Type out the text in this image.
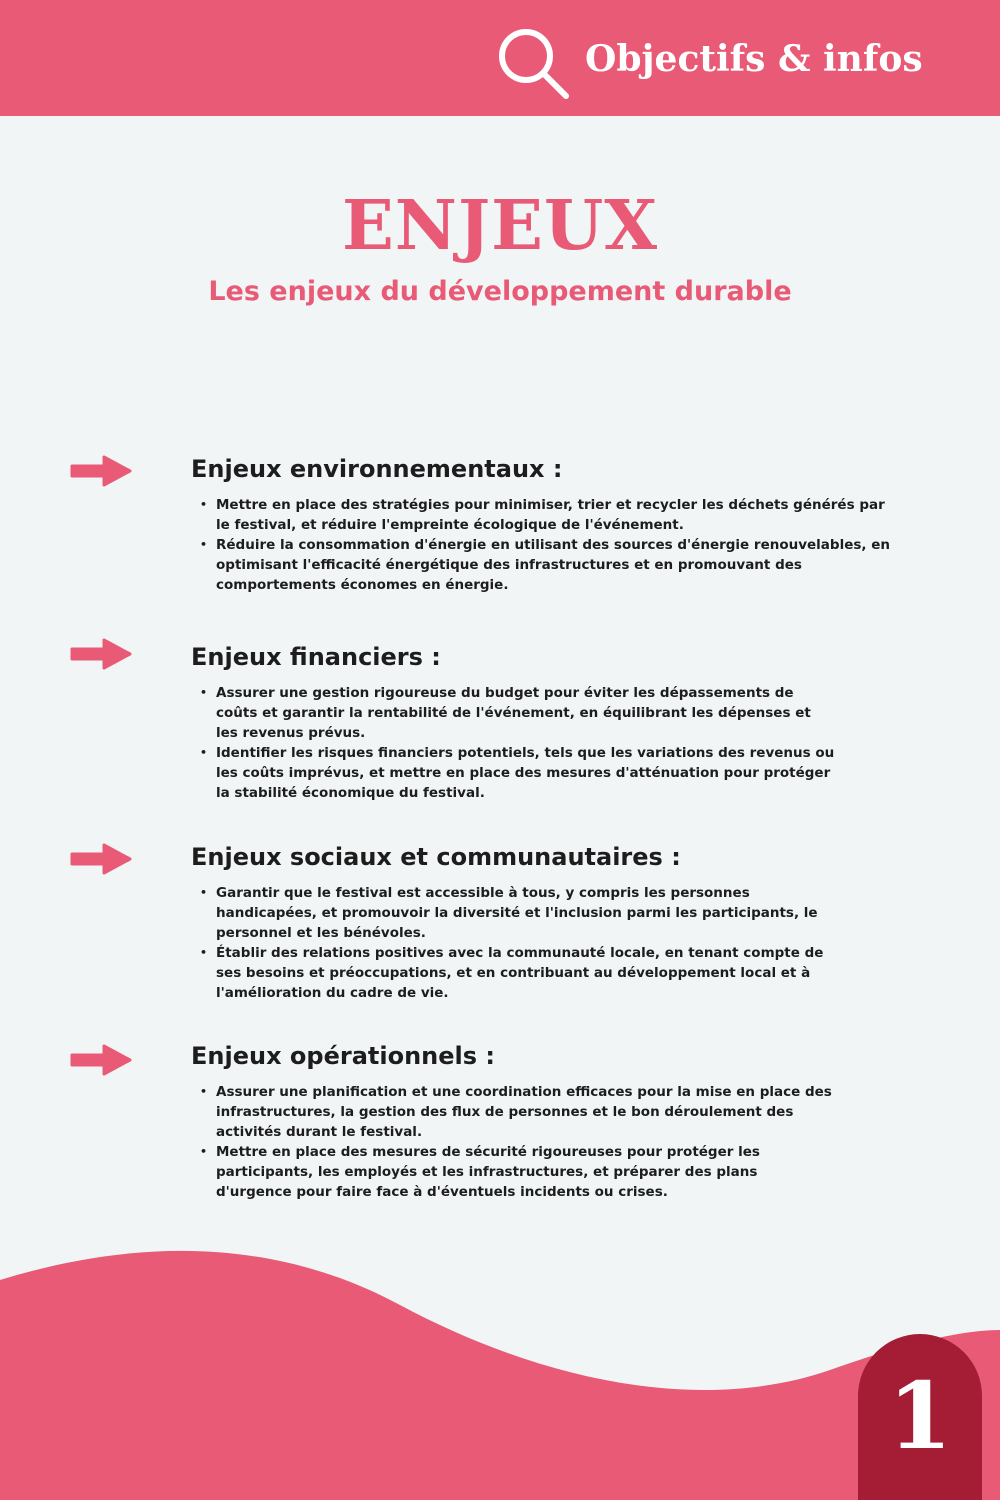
Objectifs & infos
ENJEUX
Les enjeux du développement durable
Enjeux environnementaux :
• Mettre en place des stratégies pour minimiser, trier et recycler les déchets générés par le festival, et réduire l'empreinte écologique de l'événement.
• Réduire la consommation d'énergie en utilisant des sources d'énergie renouvelables, en optimisant l'efficacité énergétique des infrastructures et en promouvant des comportements économes en énergie.
Enjeux financiers :
• Assurer une gestion rigoureuse du budget pour éviter les dépassements de coûts et garantir la rentabilité de l'événement, en équilibrant les dépenses et les revenus prévus.
• Identifier les risques financiers potentiels, tels que les variations des revenus ou les coûts imprévus, et mettre en place des mesures d'atténuation pour protéger la stabilité économique du festival.
Enjeux sociaux et communautaires :
• Garantir que le festival est accessible à tous, y compris les personnes handicapées, et promouvoir la diversité et l'inclusion parmi les participants, le personnel et les bénévoles.
• Établir des relations positives avec la communauté locale, en tenant compte de ses besoins et préoccupations, et en contribuant au développement local et à l'amélioration du cadre de vie.
Enjeux opérationnels :
• Assurer une planification et une coordination efficaces pour la mise en place des infrastructures, la gestion des flux de personnes et le bon déroulement des activités durant le festival.
• Mettre en place des mesures de sécurité rigoureuses pour protéger les participants, les employés et les infrastructures, et préparer des plans d'urgence pour faire face à d'éventuels incidents ou crises.
1
